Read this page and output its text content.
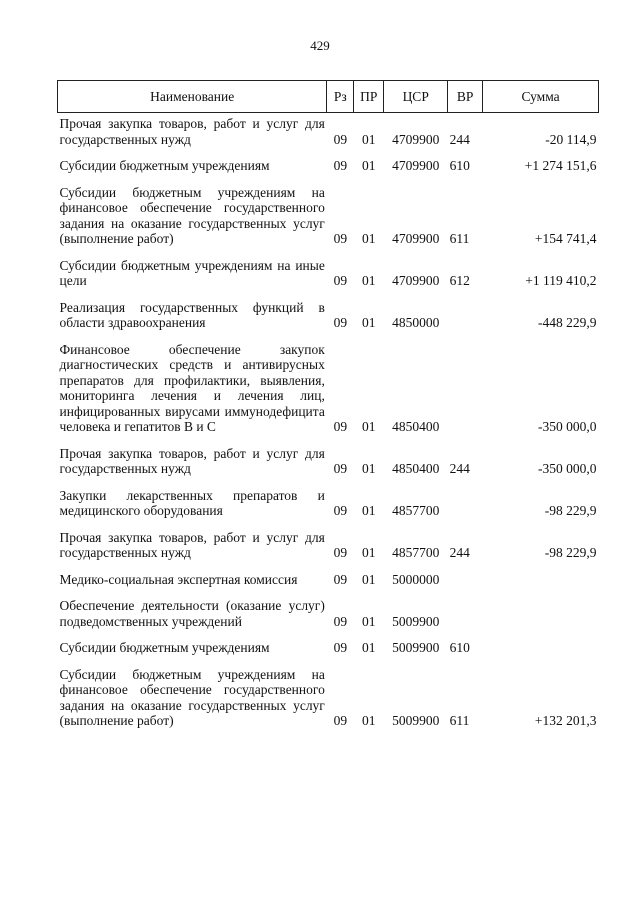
429
Наименование	Рз	ПР	ЦСР	ВР	Сумма
Прочая закупка товаров, работ и услуг для государственных нужд	09	01	4709900	244	-20 114,9
Субсидии бюджетным учреждениям	09	01	4709900	610	+1 274 151,6
Субсидии бюджетным учреждениям на финансовое обеспечение государственного задания на оказание государственных услуг (выполнение работ)	09	01	4709900	611	+154 741,4
Субсидии бюджетным учреждениям на иные цели	09	01	4709900	612	+1 119 410,2
Реализация государственных функций в области здравоохранения	09	01	4850000		-448 229,9
Финансовое обеспечение закупок диагностических средств и антивирусных препаратов для профилактики, выявления, мониторинга лечения и лечения лиц, инфицированных вирусами иммунодефицита человека и гепатитов В и С	09	01	4850400		-350 000,0
Прочая закупка товаров, работ и услуг для государственных нужд	09	01	4850400	244	-350 000,0
Закупки лекарственных препаратов и медицинского оборудования	09	01	4857700		-98 229,9
Прочая закупка товаров, работ и услуг для государственных нужд	09	01	4857700	244	-98 229,9
Медико-социальная экспертная комиссия	09	01	5000000		
Обеспечение деятельности (оказание услуг) подведомственных учреждений	09	01	5009900		
Субсидии бюджетным учреждениям	09	01	5009900	610	
Субсидии бюджетным учреждениям на финансовое обеспечение государственного задания на оказание государственных услуг (выполнение работ)	09	01	5009900	611	+132 201,3
